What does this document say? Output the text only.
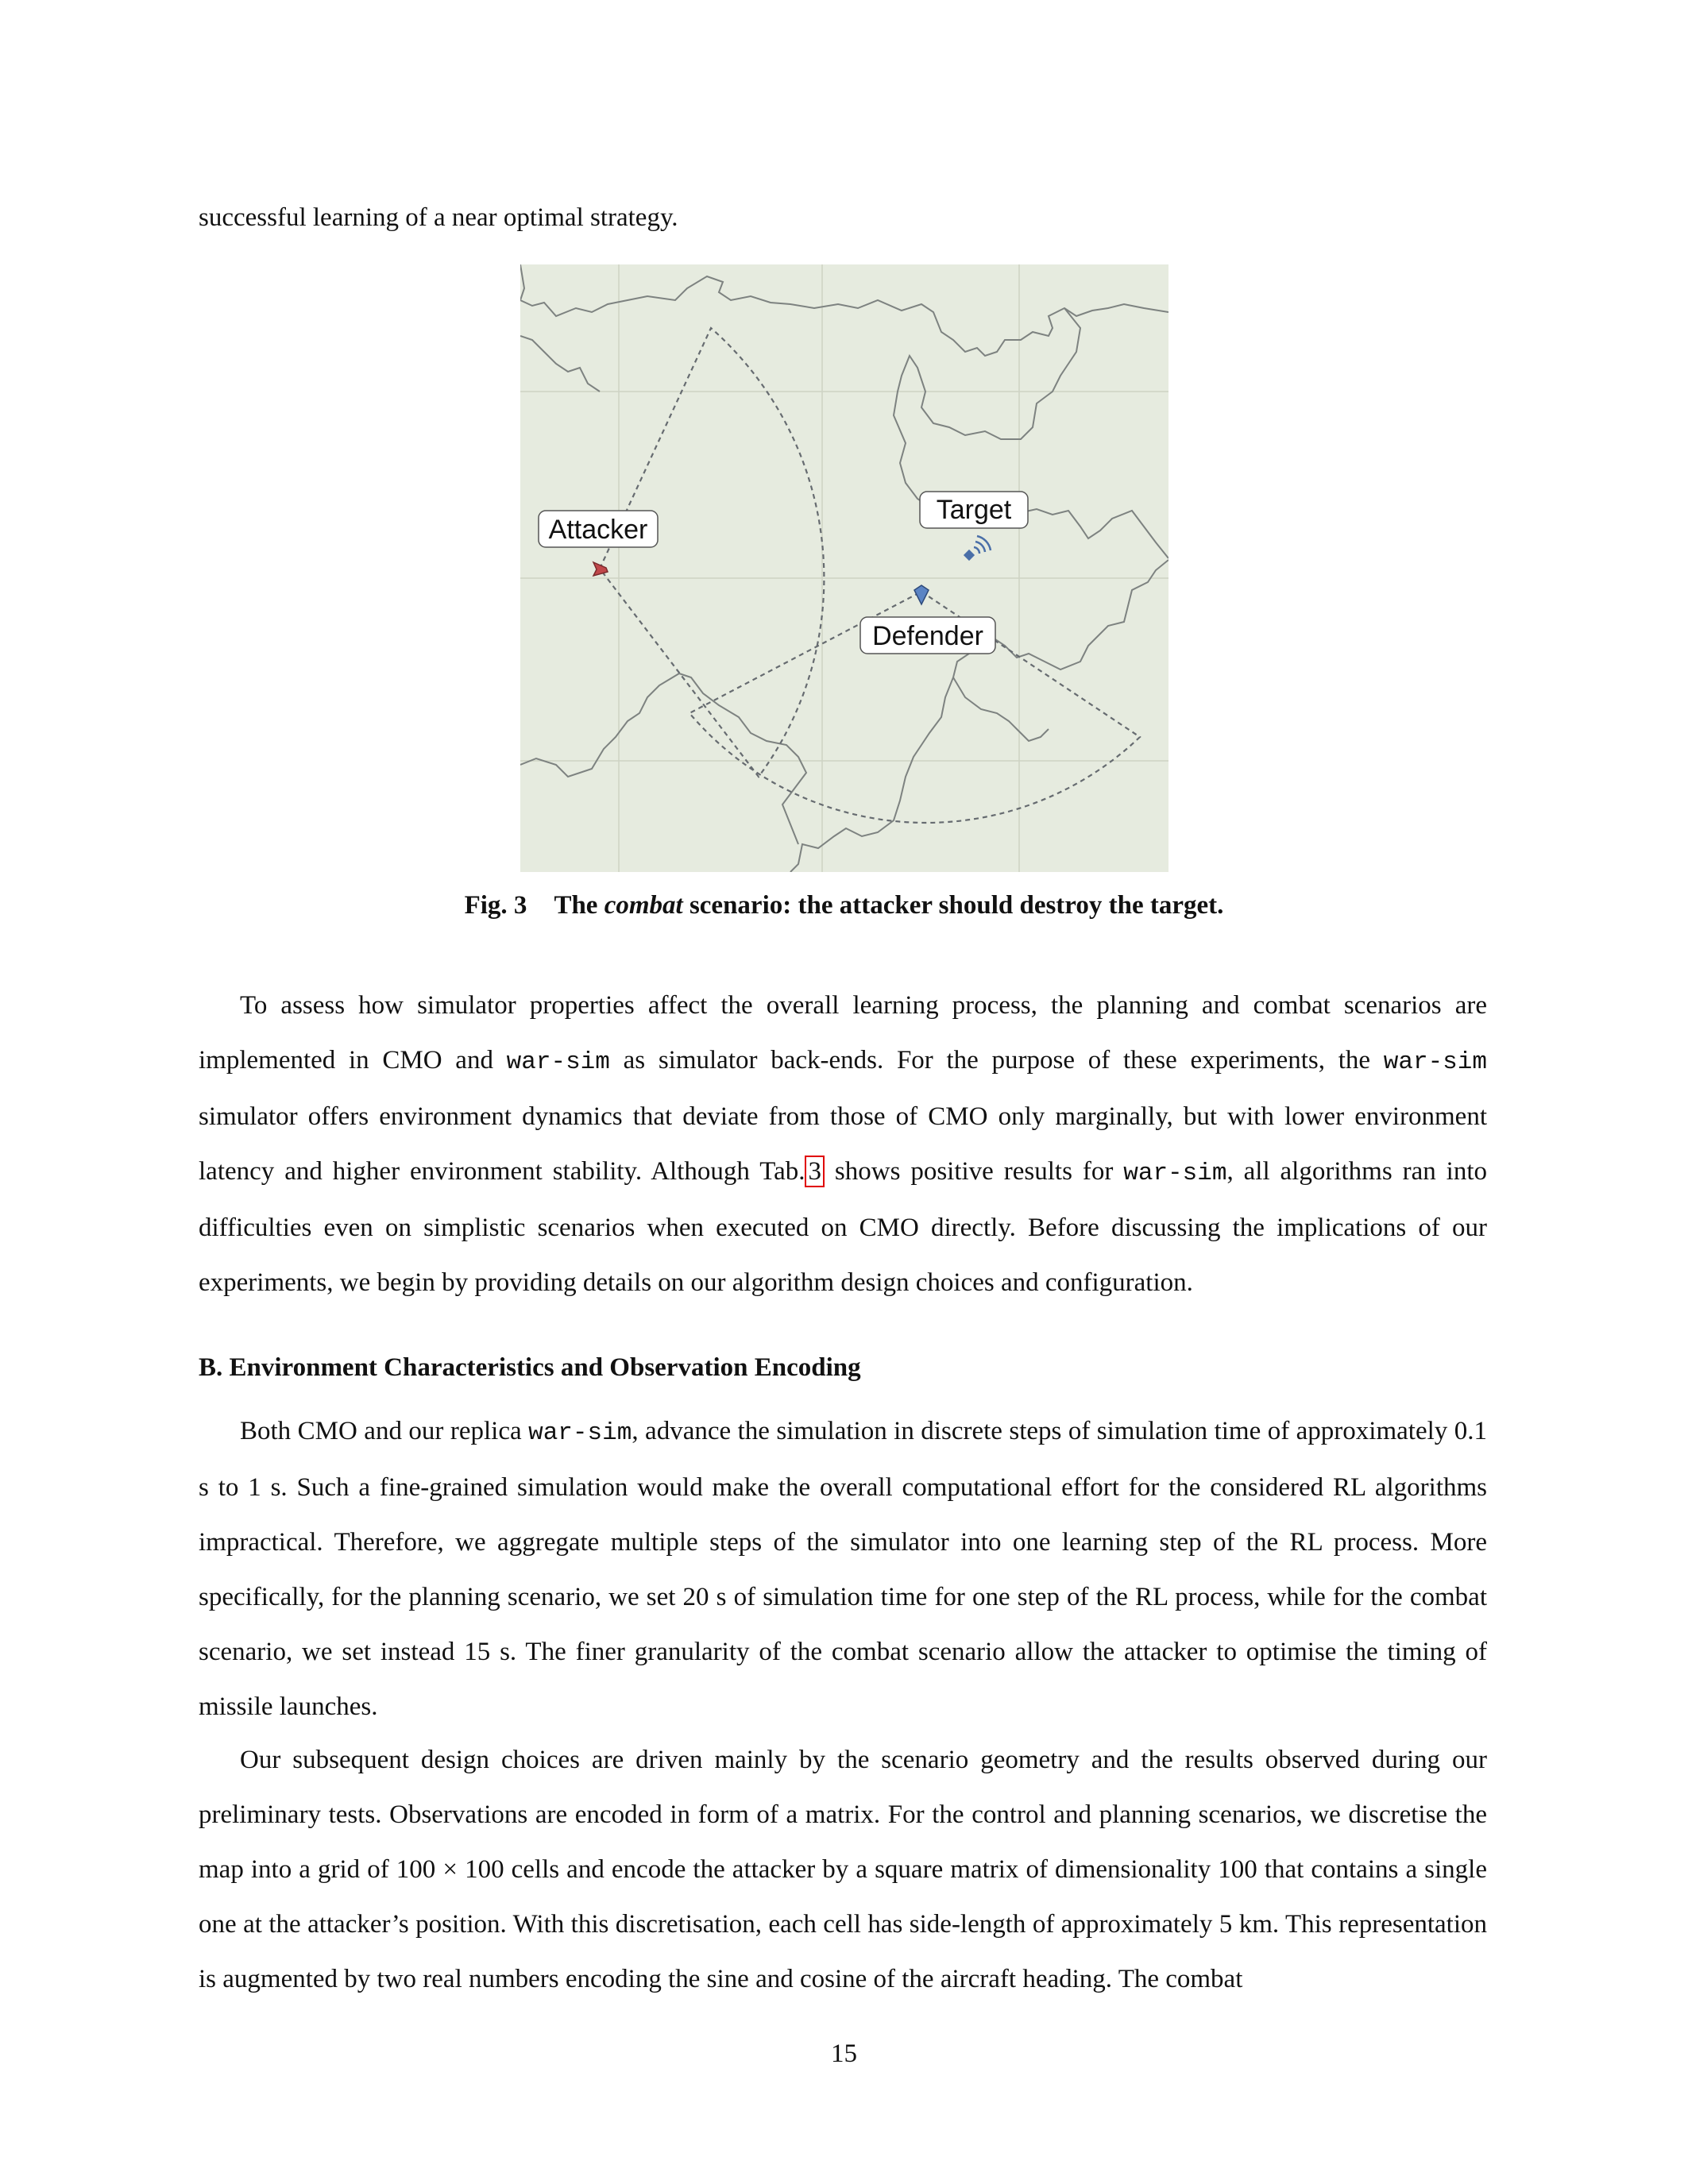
successful learning of a near optimal strategy.

Attacker
Target
Defender
Fig. 3 The combat scenario: the attacker should destroy the target.

To assess how simulator properties affect the overall learning process, the planning and combat scenarios are implemented in CMO and war-sim as simulator back-ends. For the purpose of these experiments, the war-sim simulator offers environment dynamics that deviate from those of CMO only marginally, but with lower environment latency and higher environment stability. Although Tab. 3 shows positive results for war-sim, all algorithms ran into difficulties even on simplistic scenarios when executed on CMO directly. Before discussing the implications of our experiments, we begin by providing details on our algorithm design choices and configuration.

B. Environment Characteristics and Observation Encoding

Both CMO and our replica war-sim, advance the simulation in discrete steps of simulation time of approximately 0.1 s to 1 s. Such a fine-grained simulation would make the overall computational effort for the considered RL algorithms impractical. Therefore, we aggregate multiple steps of the simulator into one learning step of the RL process. More specifically, for the planning scenario, we set 20 s of simulation time for one step of the RL process, while for the combat scenario, we set instead 15 s. The finer granularity of the combat scenario allow the attacker to optimise the timing of missile launches.

Our subsequent design choices are driven mainly by the scenario geometry and the results observed during our preliminary tests. Observations are encoded in form of a matrix. For the control and planning scenarios, we discretise the map into a grid of 100 × 100 cells and encode the attacker by a square matrix of dimensionality 100 that contains a single one at the attacker’s position. With this discretisation, each cell has side-length of approximately 5 km. This representation is augmented by two real numbers encoding the sine and cosine of the aircraft heading. The combat

15
